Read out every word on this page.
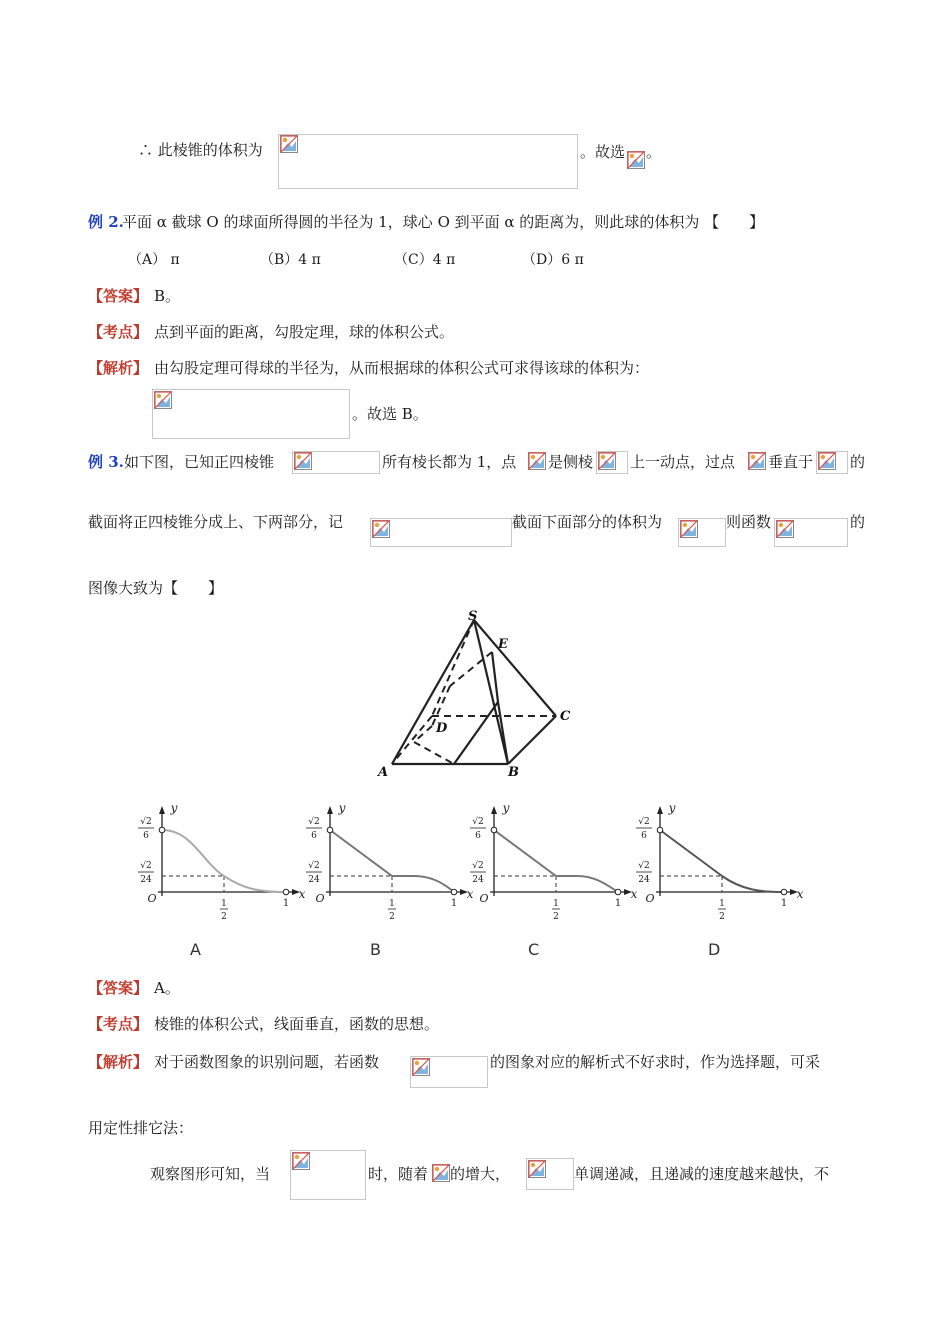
∴ 此棱锥的体积为	。故选 。
例 2.
平面 α 截球 O 的球面所得圆的半径为 1，球心 O 到平面 α 的距离为，则此球的体积为 【　　】
（A） π	（B）4 π	（C）4 π	（D）6 π
【答案】 B。
【考点】 点到平面的距离，勾股定理，球的体积公式。
【解析】 由勾股定理可得球的半径为，从而根据球的体积公式可求得该球的体积为：
。故选 B。
例 3. 如下图，已知正四棱锥	所有棱长都为 1，点 是侧棱 上一动点，过点 垂直于 的
截面将正四棱锥分成上、下两部分，记	截面下面部分的体积为	则函数	的
图像大致为【　　】
S
E
C
D
A	B
y
x
O
√2
6
√2
24
1
2
1
y
x
O
√2
6
√2
24
1
2
1
y
x
O
√2
6
√2
24
1
2
1
y
x
O
√2
6
√2
24
1
2
1
A	B	C	D
【答案】 A。
【考点】 棱锥的体积公式，线面垂直，函数的思想。
【解析】 对于函数图象的识别问题，若函数	的图象对应的解析式不好求时，作为选择题，可采
用定性排它法：
观察图形可知，当	时，随着 的增大，	单调递减，且递减的速度越来越快，不
